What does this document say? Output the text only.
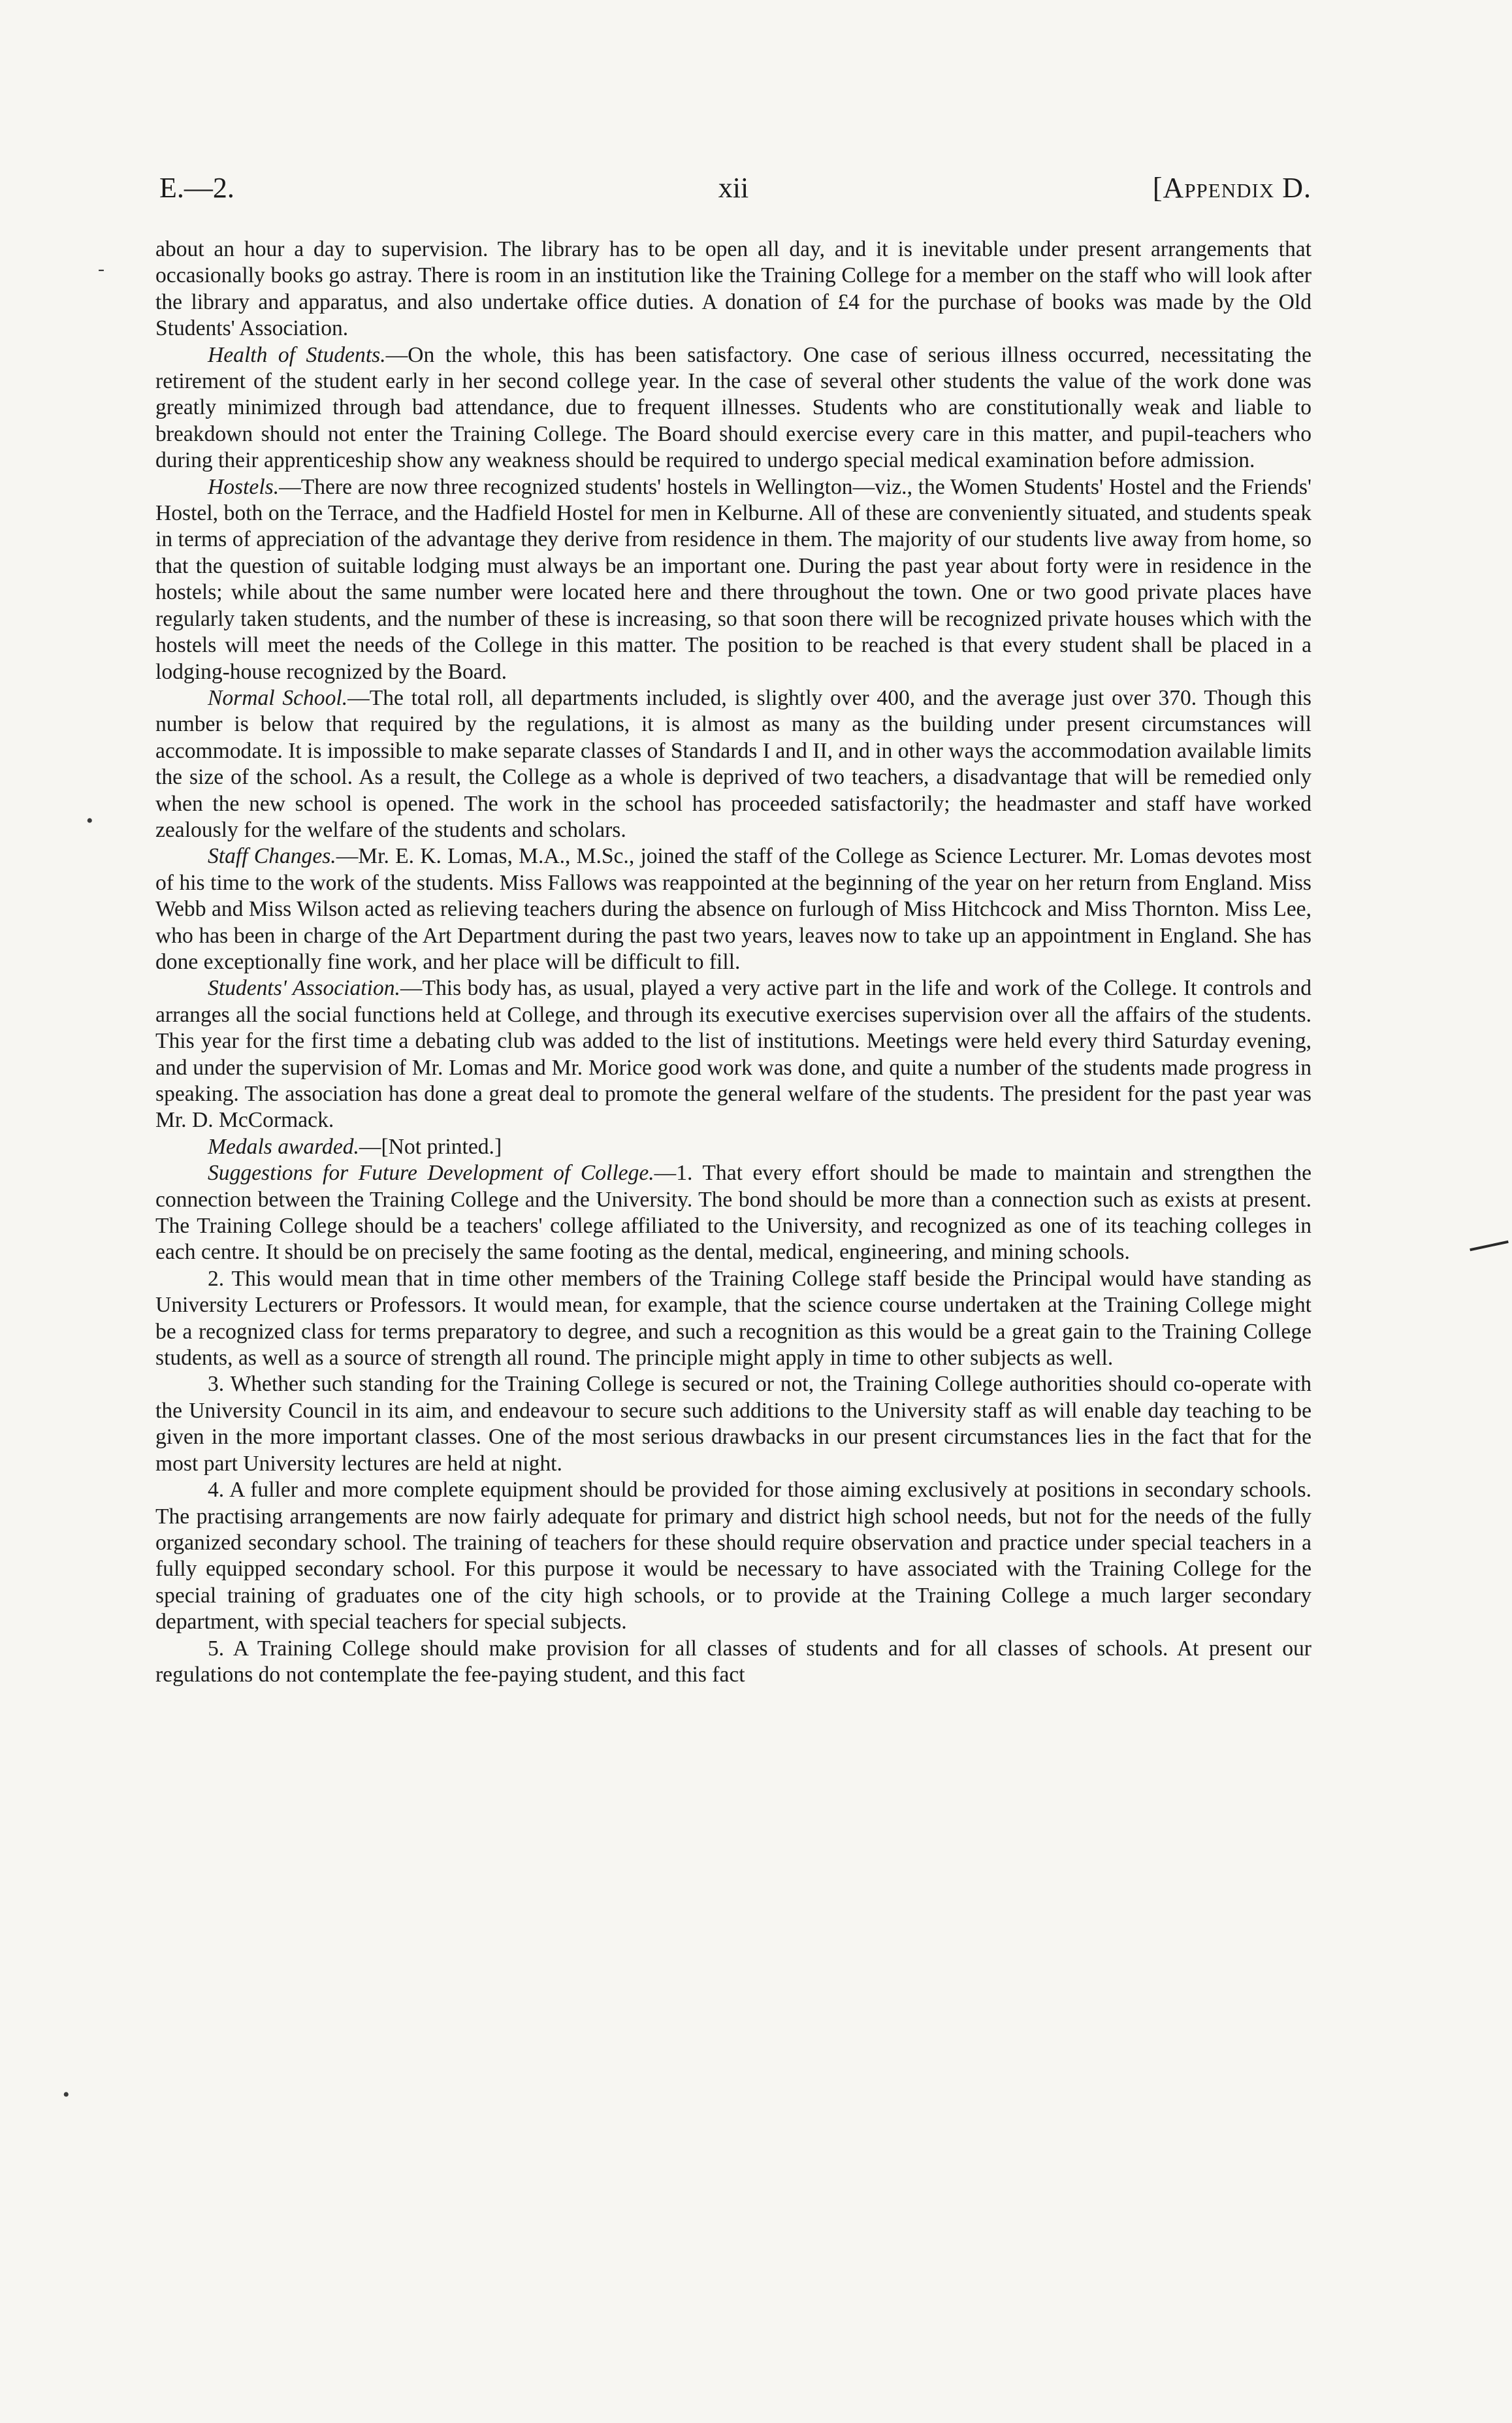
E.—2.	xii	[Appendix D.

about an hour a day to supervision. The library has to be open all day, and it is inevitable under present arrangements that occasionally books go astray. There is room in an institution like the Training College for a member on the staff who will look after the library and apparatus, and also undertake office duties. A donation of £4 for the purchase of books was made by the Old Students' Association.

Health of Students.—On the whole, this has been satisfactory. One case of serious illness occurred, necessitating the retirement of the student early in her second college year. In the case of several other students the value of the work done was greatly minimized through bad attendance, due to frequent illnesses. Students who are constitutionally weak and liable to breakdown should not enter the Training College. The Board should exercise every care in this matter, and pupil-teachers who during their apprenticeship show any weakness should be required to undergo special medical examination before admission.

Hostels.—There are now three recognized students' hostels in Wellington—viz., the Women Students' Hostel and the Friends' Hostel, both on the Terrace, and the Hadfield Hostel for men in Kelburne. All of these are conveniently situated, and students speak in terms of appreciation of the advantage they derive from residence in them. The majority of our students live away from home, so that the question of suitable lodging must always be an important one. During the past year about forty were in residence in the hostels; while about the same number were located here and there throughout the town. One or two good private places have regularly taken students, and the number of these is increasing, so that soon there will be recognized private houses which with the hostels will meet the needs of the College in this matter. The position to be reached is that every student shall be placed in a lodging-house recognized by the Board.

Normal School.—The total roll, all departments included, is slightly over 400, and the average just over 370. Though this number is below that required by the regulations, it is almost as many as the building under present circumstances will accommodate. It is impossible to make separate classes of Standards I and II, and in other ways the accommodation available limits the size of the school. As a result, the College as a whole is deprived of two teachers, a disadvantage that will be remedied only when the new school is opened. The work in the school has proceeded satisfactorily; the headmaster and staff have worked zealously for the welfare of the students and scholars.

Staff Changes.—Mr. E. K. Lomas, M.A., M.Sc., joined the staff of the College as Science Lecturer. Mr. Lomas devotes most of his time to the work of the students. Miss Fallows was reappointed at the beginning of the year on her return from England. Miss Webb and Miss Wilson acted as relieving teachers during the absence on furlough of Miss Hitchcock and Miss Thornton. Miss Lee, who has been in charge of the Art Department during the past two years, leaves now to take up an appointment in England. She has done exceptionally fine work, and her place will be difficult to fill.

Students' Association.—This body has, as usual, played a very active part in the life and work of the College. It controls and arranges all the social functions held at College, and through its executive exercises supervision over all the affairs of the students. This year for the first time a debating club was added to the list of institutions. Meetings were held every third Saturday evening, and under the supervision of Mr. Lomas and Mr. Morice good work was done, and quite a number of the students made progress in speaking. The association has done a great deal to promote the general welfare of the students. The president for the past year was Mr. D. McCormack.

Medals awarded.—[Not printed.]

Suggestions for Future Development of College.—1. That every effort should be made to maintain and strengthen the connection between the Training College and the University. The bond should be more than a connection such as exists at present. The Training College should be a teachers' college affiliated to the University, and recognized as one of its teaching colleges in each centre. It should be on precisely the same footing as the dental, medical, engineering, and mining schools.

2. This would mean that in time other members of the Training College staff beside the Principal would have standing as University Lecturers or Professors. It would mean, for example, that the science course undertaken at the Training College might be a recognized class for terms preparatory to degree, and such a recognition as this would be a great gain to the Training College students, as well as a source of strength all round. The principle might apply in time to other subjects as well.

3. Whether such standing for the Training College is secured or not, the Training College authorities should co-operate with the University Council in its aim, and endeavour to secure such additions to the University staff as will enable day teaching to be given in the more important classes. One of the most serious drawbacks in our present circumstances lies in the fact that for the most part University lectures are held at night.

4. A fuller and more complete equipment should be provided for those aiming exclusively at positions in secondary schools. The practising arrangements are now fairly adequate for primary and district high school needs, but not for the needs of the fully organized secondary school. The training of teachers for these should require observation and practice under special teachers in a fully equipped secondary school. For this purpose it would be necessary to have associated with the Training College for the special training of graduates one of the city high schools, or to provide at the Training College a much larger secondary department, with special teachers for special subjects.

5. A Training College should make provision for all classes of students and for all classes of schools. At present our regulations do not contemplate the fee-paying student, and this fact

‐
•
•
